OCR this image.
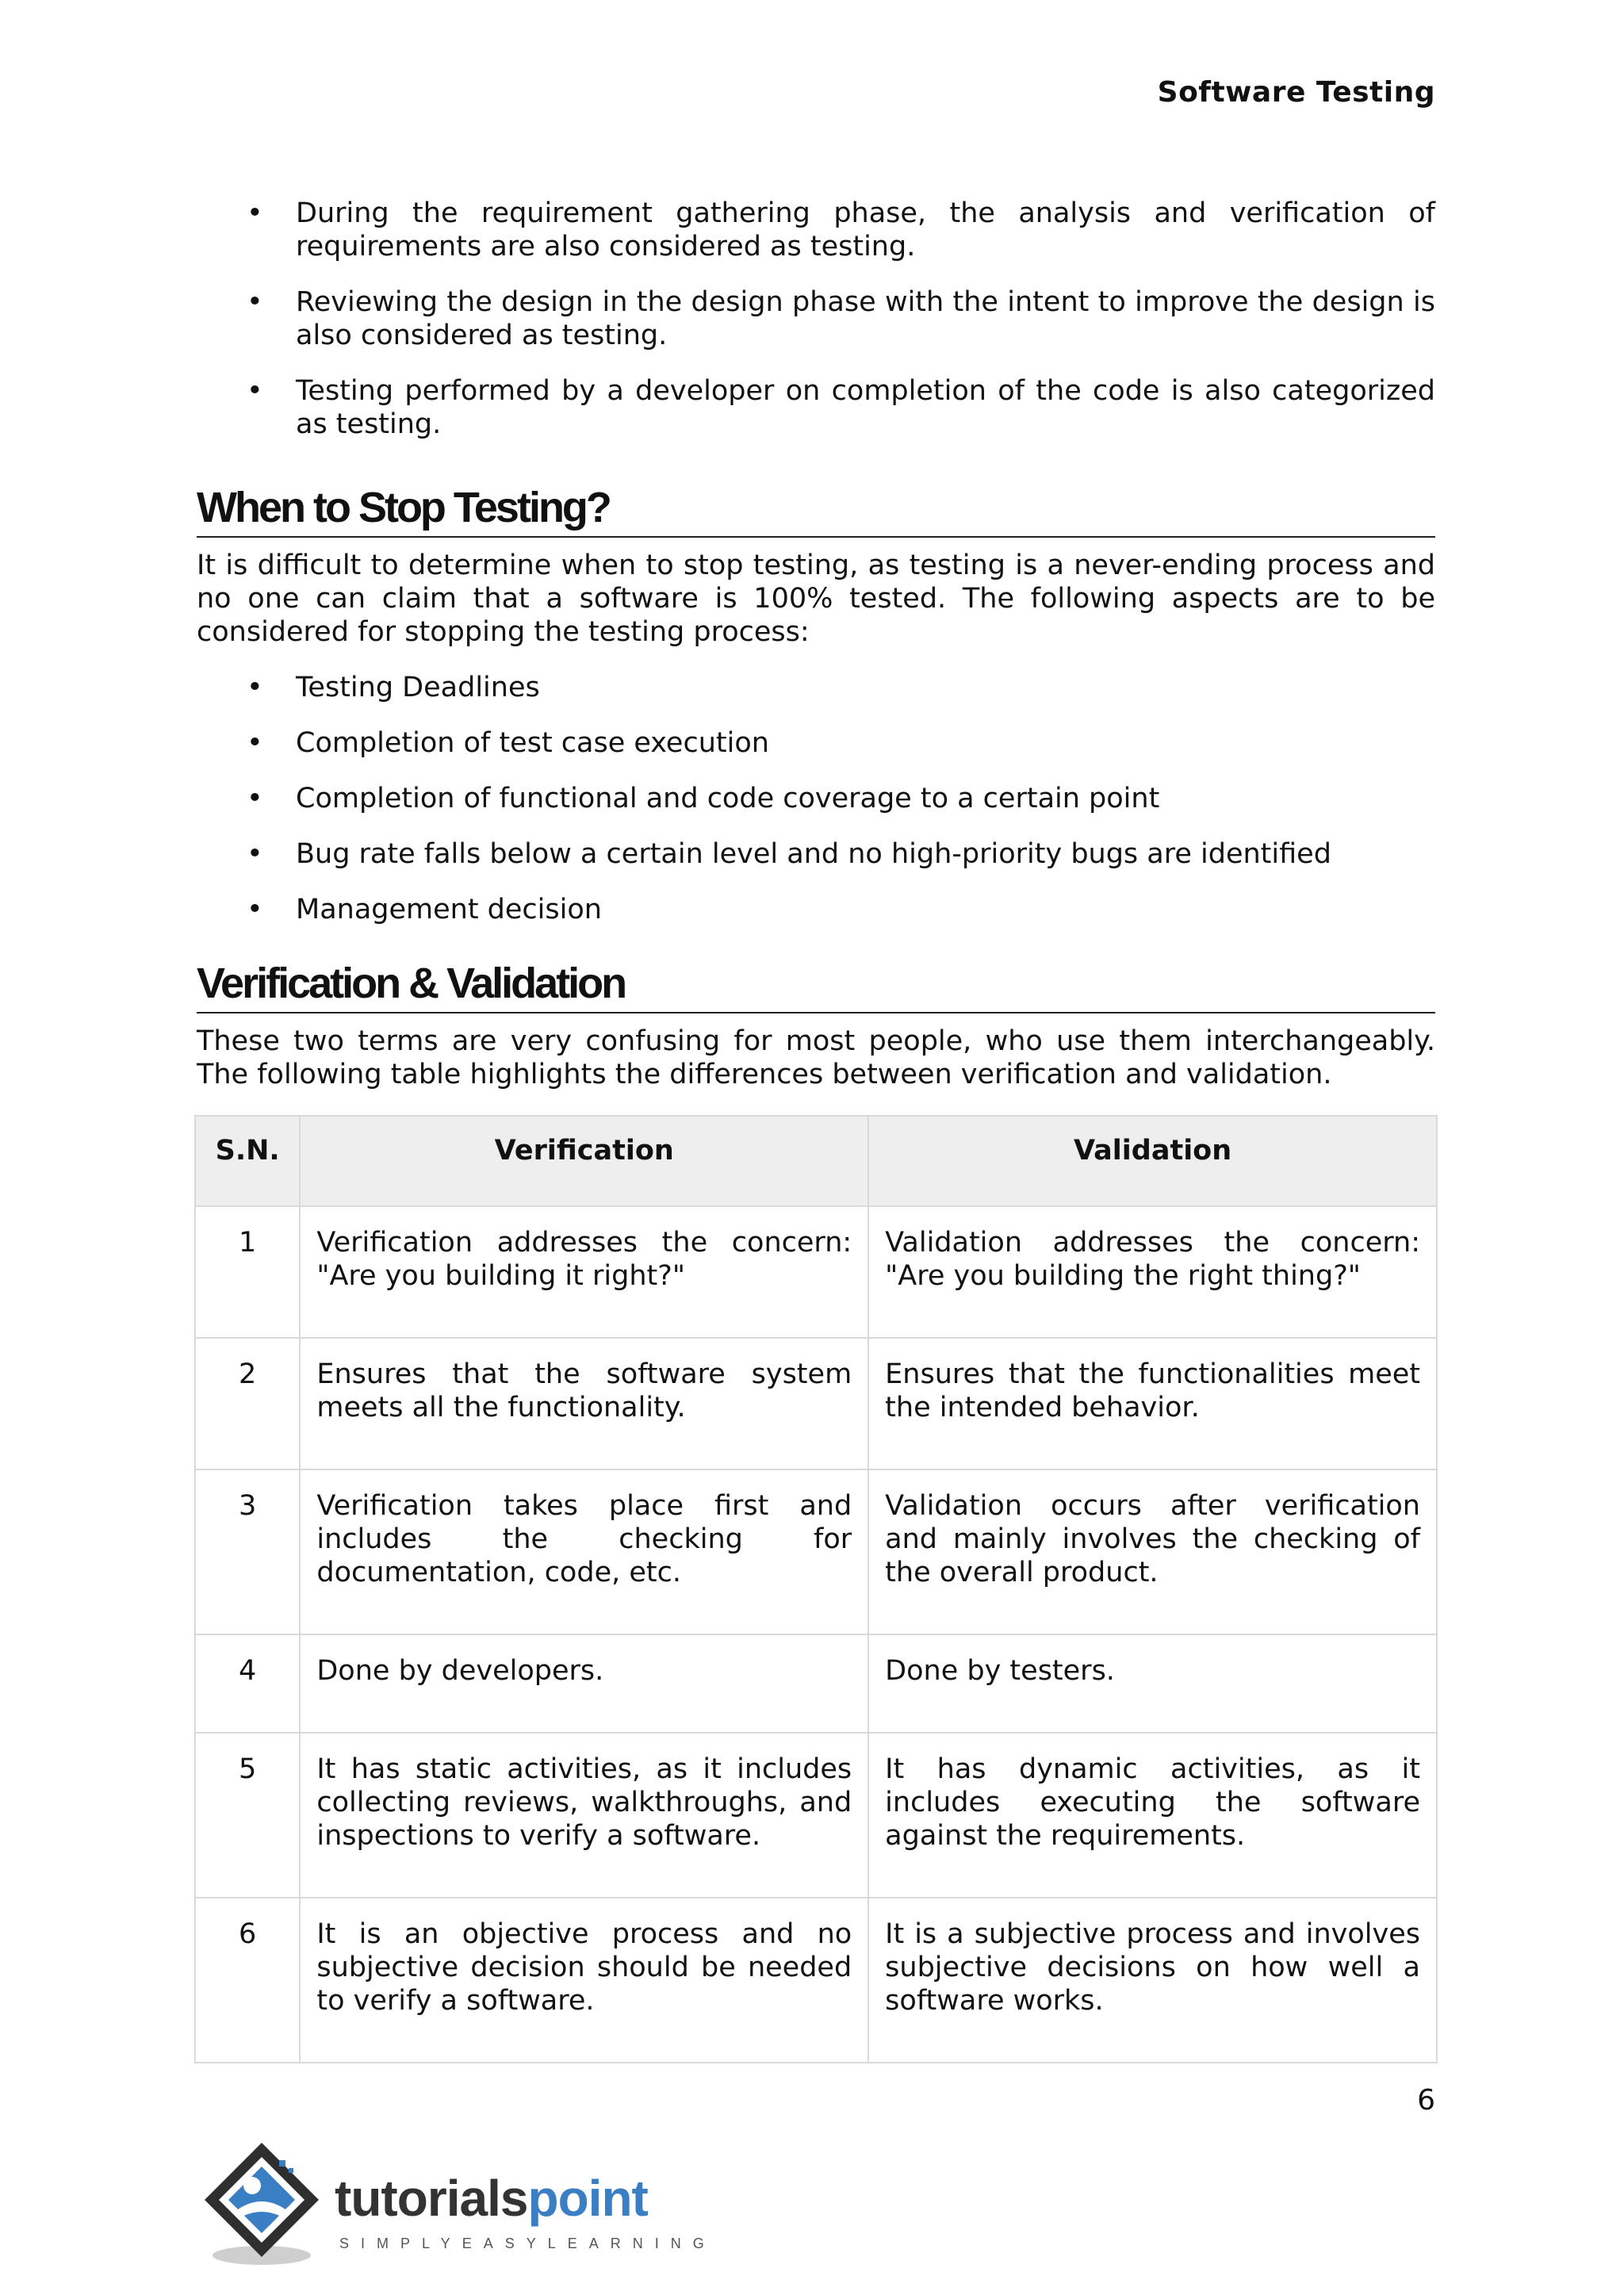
Software Testing
• During the requirement gathering phase, the analysis and verification of requirements are also considered as testing.
• Reviewing the design in the design phase with the intent to improve the design is also considered as testing.
• Testing performed by a developer on completion of the code is also categorized as testing.
When to Stop Testing?

It is difficult to determine when to stop testing, as testing is a never-ending process and no one can claim that a software is 100% tested. The following aspects are to be considered for stopping the testing process:

• Testing Deadlines
• Completion of test case execution
• Completion of functional and code coverage to a certain point
• Bug rate falls below a certain level and no high-priority bugs are identified
• Management decision
Verification & Validation

These two terms are very confusing for most people, who use them interchangeably. The following table highlights the differences between verification and validation.

S.N.	Verification	Validation
1	Verification addresses the concern: "Are you building it right?"	Validation addresses the concern: "Are you building the right thing?"
2	Ensures that the software system meets all the functionality.	Ensures that the functionalities meet the intended behavior.
3	Verification takes place first and includes the checking for documentation, code, etc.	Validation occurs after verification and mainly involves the checking of the overall product.
4	Done by developers.	Done by testers.
5	It has static activities, as it includes collecting reviews, walkthroughs, and inspections to verify a software.	It has dynamic activities, as it includes executing the software against the requirements.
6	It is an objective process and no subjective decision should be needed to verify a software.	It is a subjective process and involves subjective decisions on how well a software works.
6
tutorialspoint
SIMPLYEASYLEARNING
